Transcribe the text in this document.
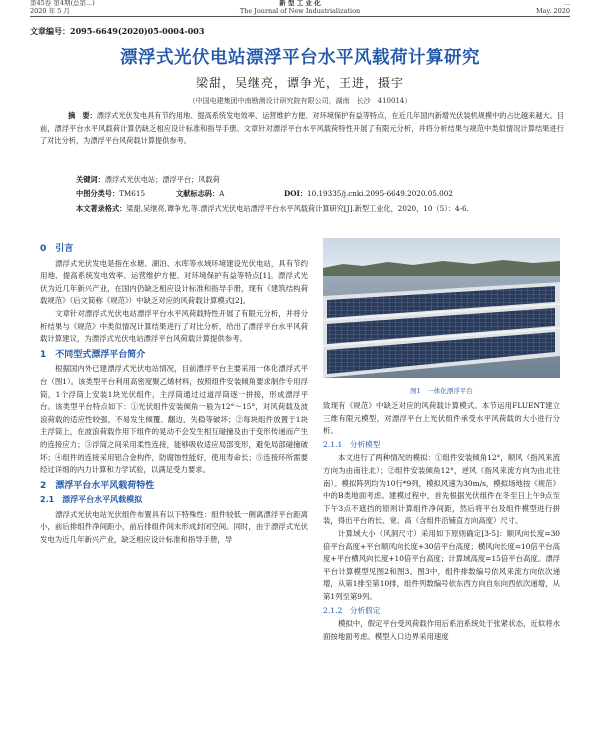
第45卷 第4期(总第...)
2020 年 5 月
新 型 工 业 化
The Journal of New Industrialization
...
May. 2020
文章编号：2095-6649(2020)05-0004-003
漂浮式光伏电站漂浮平台水平风载荷计算研究
梁甜，吴继亮，谭争光，王进，摄宇
（中国电建集团中南勘测设计研究院有限公司，湖南　长沙　410014）

摘　要：漂浮式光伏发电具有节约用地、提高系统发电效率、运营维护方便、对环境保护有益等特点，在近几年国内新增光伏装机规模中的占比越来越大。目前，漂浮平台水平风载荷计算仍缺乏相应设计标准和指导手册。文章针对漂浮平台水平风载荷特性开展了有限元分析，并将分析结果与规范中类似情况计算结果进行了对比分析，为漂浮平台风荷载计算提供参考。

关键词：漂浮式光伏电站；漂浮平台；风载荷
中图分类号：TM615	文献标志码：A	DOI：10.19335/j.cnki.2095-6649.2020.05.002
本文著录格式：梁甜,吴继亮,谭争光,等.漂浮式光伏电站漂浮平台水平风载荷计算研究[J].新型工业化，2020，10（5）：4-6.
0　引言

漂浮式光伏发电是指在水塘、湖泊、水库等水域环境建设光伏电站，具有节约用地、提高系统发电效率、运营维护方便、对环境保护有益等特点[1]。漂浮式光伏为近几年新兴产业，在国内仍缺乏相应设计标准和指导手册，现有《建筑结构荷载规范》（后文简称《规范》）中缺乏对应的风荷载计算模式[2]。

文章针对漂浮式光伏电站漂浮平台水平风荷载特性开展了有限元分析，并将分析结果与《规范》中类似情况计算结果进行了对比分析，给出了漂浮平台水平风荷载计算建议，为漂浮式光伏电站漂浮平台风荷载计算提供参考。

1　不同型式漂浮平台简介

根据国内外已建漂浮式光伏电站情况，目前漂浮平台主要采用一体化漂浮式平台（图1）。该类型平台利用高密度聚乙烯材料，按照组件安装倾角要求制作专用浮筒，1个浮筒上安装1块光伏组件，主浮筒通过过道浮筒逐一拼接，形成漂浮平台。该类型平台特点如下：①光伏组件安装倾角一般为12°～15°，对风荷载及波浪荷载的适应性较强，不易发生倾覆、翻边、失稳等破坏；②每块组件放置于1块主浮筒上，在波浪荷载作用下组件的晃动不会发生相互碰撞及由于变形传递而产生的连接应力；③浮筒之间采用柔性连接，能够吸收适应局部变形，避免局部碰撞破坏；④组件的连接采用铝合金构件，防腐蚀性能好，使用寿命长；⑤连接环所需要经过详细的内力计算和力学试验，以满足受力要求。

2　漂浮平台水平风载荷特性
2.1　漂浮平台水平风载模拟

漂浮式光伏电站光伏组件布置具有以下特殊性：组件较低一侧离漂浮平台距离小，前后排组件净间距小，前后排组件间未形成封闭空间。同时，由于漂浮式光伏发电为近几年新兴产业，缺乏相应设计标准和指导手册，导

图1　一体化漂浮平台

致现有《规范》中缺乏对应的风荷载计算模式。本节运用FLUENT建立三维有限元模型，对漂浮平台上光伏组件承受水平风荷载的大小进行分析。

2.1.1　分析模型

本文进行了两种情况的模拟：①组件安装倾角12°，顺风（指风来流方向为由南往北）；②组件安装倾角12°，逆风（指风来流方向为由北往南）。模拟阵列均为10行*9列，模拟风速为30m/s，模拟场地按《规范》中的B类地面考虑。建模过程中，首先根据光伏组件在冬至日上午9点至下午3点不遮挡的原则计算组件净间距，然后将平台及组件模型进行拼装，得出平台的长、宽、高（含组件沿铺直方向高度）尺寸。

计算域大小（风洞尺寸）采用如下原则确定[3-5]：顺风向长度=30倍平台高度+平台顺风向长度+30倍平台高度；横风向长度=10倍平台高度+平台横风向长度+10倍平台高度；计算域高度=15倍平台高度。漂浮平台计算模型见图2和图3。图3中，组件排数编号依风来流方向依次递增，从第1排至第10排，组件列数编号依东西方向自东向西依次递增，从第1列至第9列。

2.1.2　分析假定

模拟中，假定平台受风荷载作用后系泊系统处于张紧状态，近似将水面按地面考虑。模型入口边界采用速度
